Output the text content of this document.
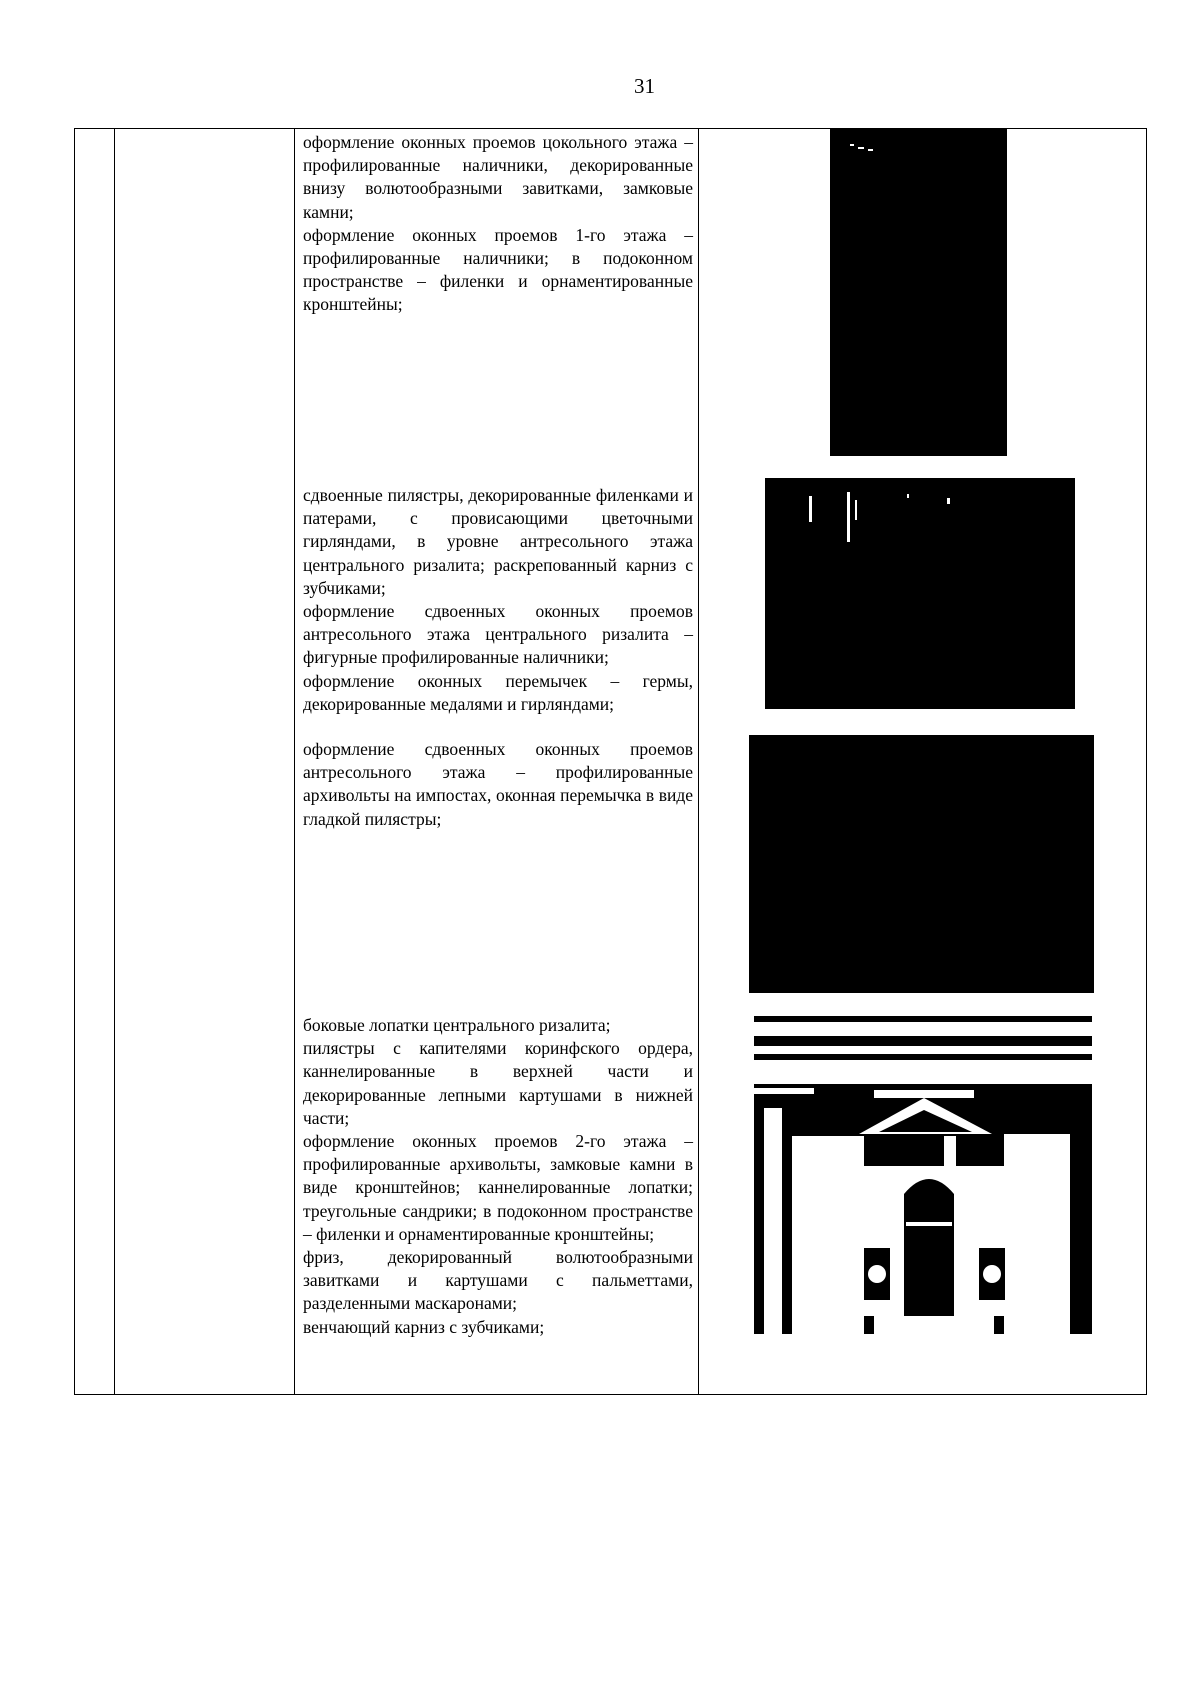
31

оформление оконных проемов цокольного этажа – профилированные наличники, декорированные внизу волютообразными завитками, замковые камни;

оформление оконных проемов 1-го этажа – профилированные наличники; в подоконном пространстве – филенки и орнаментированные кронштейны;

сдвоенные пилястры, декорированные филенками и патерами, с провисающими цветочными гирляндами, в уровне антресольного этажа центрального ризалита; раскрепованный карниз с зубчиками;

оформление сдвоенных оконных проемов антресольного этажа центрального ризалита – фигурные профилированные наличники;

оформление оконных перемычек – гермы, декорированные медалями и гирляндами;

оформление сдвоенных оконных проемов антресольного этажа – профилированные архивольты на импостах, оконная перемычка в виде гладкой пилястры;

боковые лопатки центрального ризалита;

пилястры с капителями коринфского ордера, каннелированные в верхней части и декорированные лепными картушами в нижней части;

оформление оконных проемов 2-го этажа – профилированные архивольты, замковые камни в виде кронштейнов; каннелированные лопатки; треугольные сандрики; в подоконном пространстве – филенки и орнаментированные кронштейны;

фриз, декорированный волютообразными завитками и картушами с пальметтами, разделенными маскаронами;

венчающий карниз с зубчиками;
